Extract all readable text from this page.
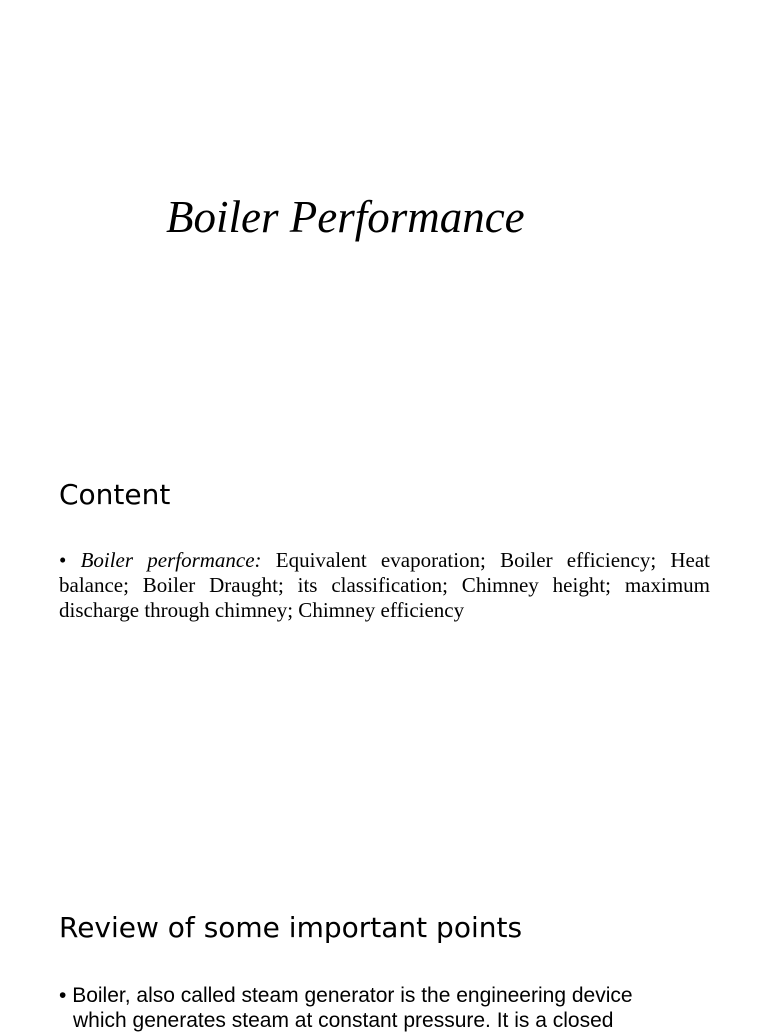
Boiler Performance
Content

• Boiler performance: Equivalent evaporation; Boiler efficiency; Heat balance; Boiler Draught; its classification; Chimney height; maximum discharge through chimney; Chimney efficiency

Review of some important points

• Boiler, also called steam generator is the engineering device
which generates steam at constant pressure. It is a closed
